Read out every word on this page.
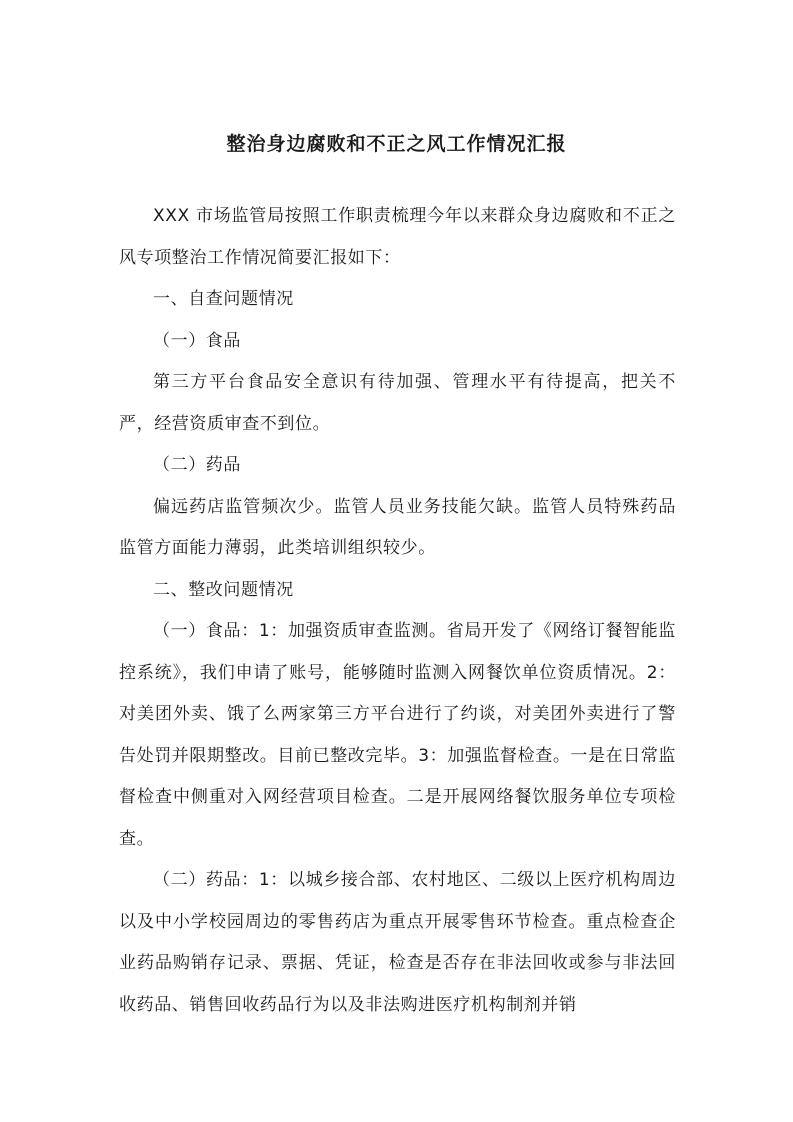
整治身边腐败和不正之风工作情况汇报

XXX 市场监管局按照工作职责梳理今年以来群众身边腐败和不正之风专项整治工作情况简要汇报如下：

一、自查问题情况

（一）食品

第三方平台食品安全意识有待加强、管理水平有待提高，把关不严，经营资质审查不到位。

（二）药品

偏远药店监管频次少。监管人员业务技能欠缺。监管人员特殊药品监管方面能力薄弱，此类培训组织较少。

二、整改问题情况

（一）食品：1：加强资质审查监测。省局开发了《网络订餐智能监控系统》，我们申请了账号，能够随时监测入网餐饮单位资质情况。2：对美团外卖、饿了么两家第三方平台进行了约谈，对美团外卖进行了警告处罚并限期整改。目前已整改完毕。3：加强监督检查。一是在日常监督检查中侧重对入网经营项目检查。二是开展网络餐饮服务单位专项检查。

（二）药品：1：以城乡接合部、农村地区、二级以上医疗机构周边以及中小学校园周边的零售药店为重点开展零售环节检查。重点检查企业药品购销存记录、票据、凭证，检查是否存在非法回收或参与非法回收药品、销售回收药品行为以及非法购进医疗机构制剂并销
